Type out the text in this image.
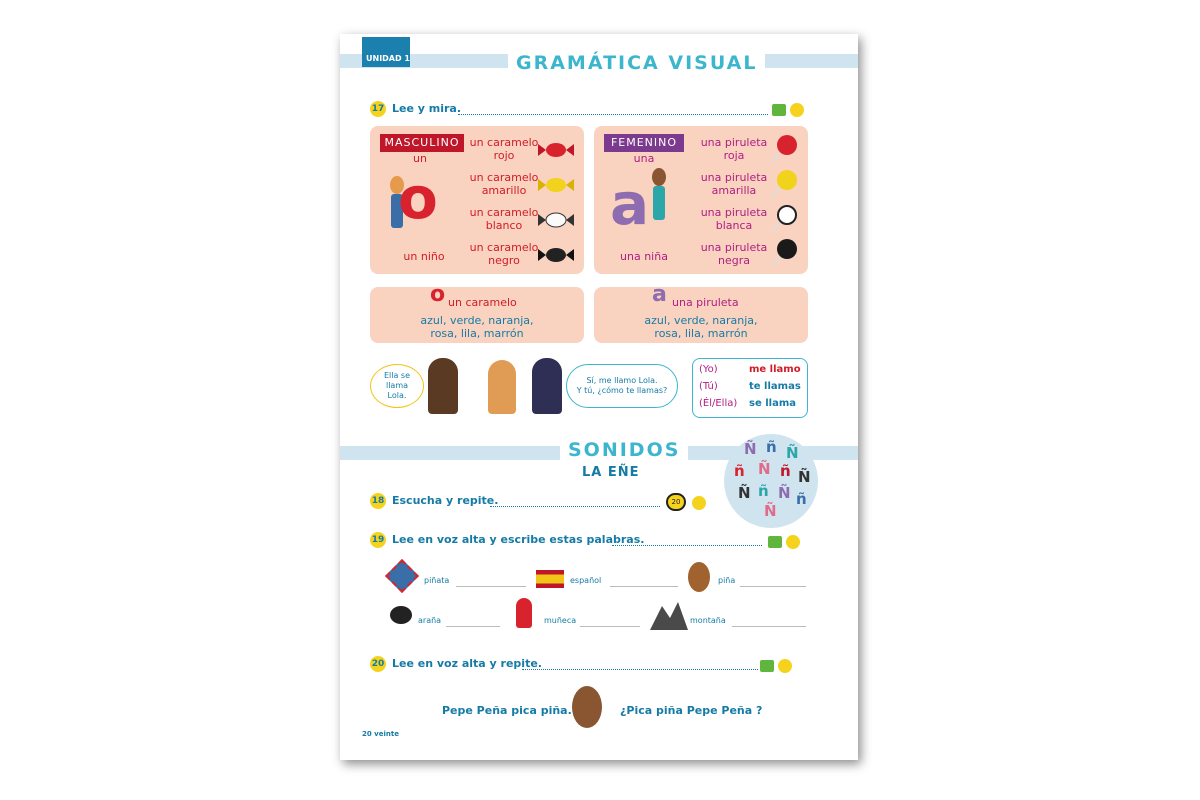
UNIDAD 1	GRAMÁTICA VISUAL
17 Lee y mira.
MASCULINO
un
o
un niño
un caramelo
rojo
un caramelo
amarillo
un caramelo
blanco
un caramelo
negro
FEMENINO
una
a
una niña
una piruleta
roja
una piruleta
amarilla
una piruleta
blanca
una piruleta
negra
o un caramelo
azul, verde, naranja,
rosa, lila, marrón
a una piruleta
azul, verde, naranja,
rosa, lila, marrón
Ella se
llama
Lola.
Sí, me llamo Lola.
Y tú, ¿cómo te llamas?
(Yo)	me llamo
(Tú)	te llamas
(Él/Ella) se llama
SONIDOS
LA EÑE
Ñ ñ Ñ
ñ Ñ ñ Ñ
Ñ ñ Ñ ñ
Ñ
18 Escucha y repite.	20
19 Lee en voz alta y escribe estas palabras.
piñata	español	piña
araña	muñeca	montaña
20 Lee en voz alta y repite.
Pepe Peña pica piña.	¿Pica piña Pepe Peña ?
20 veinte
